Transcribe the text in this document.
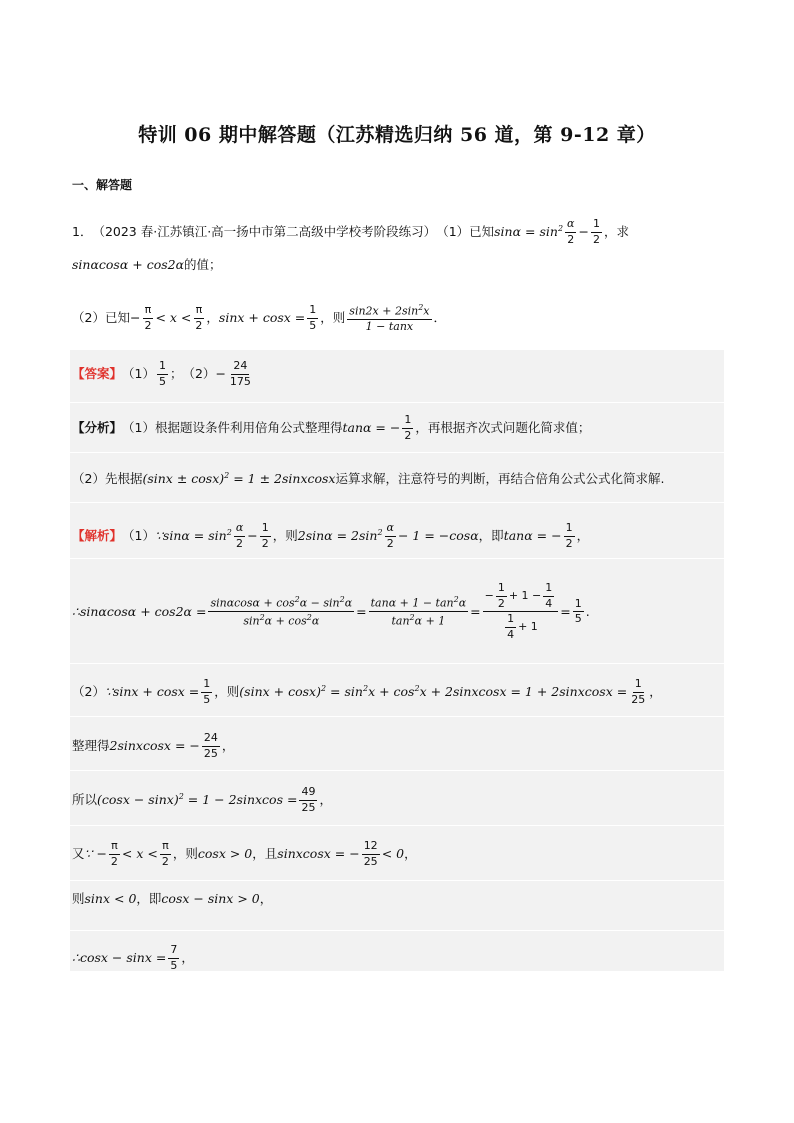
特训 06 期中解答题（江苏精选归纳 56 道，第 9-12 章）
一、解答题
1． （2023 春·江苏镇江·高一扬中市第二高级中学校考阶段练习） （1）已知 $\sin\alpha = \sin^2 \frac{\alpha}{2} - \frac{1}{2}$ ，求
sinαcosα + cos2α 的值；
（2）已知 − $\frac{\pi}{2} < x < \frac{\pi}{2}$ ， $\sin x + \cos x = \frac{1}{5}$ ，则 $\frac{\sin 2x + 2\sin^2x}{1 - \tan x}$ ．
【答案】 $(1) \frac{1}{5}$ ； $(2) - \frac{24}{175}$
【分析】 （1）根据题设条件利用倍角公式整理得 tanα = − $\frac{1}{2}$ ，再根据齐次式问题化简求值；
（2）先根据 $(\sin x \pm \cos x)^2 = 1$ ± 2sinxcosx 运算求解，注意符号的判断，再结合倍角公式公式化简求解.
【解析】 （1） ∵sinα = $\sin^2 \frac{\alpha}{2} - \frac{1}{2}$ ，则 $2\sin\alpha = 2\sin^2 \frac{\alpha}{2} - 1 = -\cos\alpha$ ，即 tanα = − $\frac{1}{2}$ ，
∴sinαcosα + $\cos 2\alpha = \frac{\sin\alpha\cos\alpha + \cos^2\alpha - \sin^2\alpha}{\sin^2\alpha + \cos^2\alpha} = \frac{\tan\alpha + 1 - \tan^2\alpha}{\tan^2\alpha + 1} = \frac{- \frac{1}{2} + 1 - \frac{1}{4}}{\frac{1}{4} + 1} = \frac{1}{5}$ .
（2） ∵sinx + $\cos x = \frac{1}{5}$ ，则 $(\sin x + \cos x)^2 = \sin^2x + \cos^2x$ + 2sinxcosx = 1 + 2sinxcosx = $\frac{1}{25}$ ，
整理得 2sinxcosx = − $\frac{24}{25}$ ，
所以 $(\cos x - \sin x)^2 = 1$ − 2sinxcos = $\frac{49}{25}$ ，
又 ∵ − $\frac{\pi}{2} < x < \frac{\pi}{2}$ ，则 cosx > 0 ，且 sinxcosx = − $\frac{12}{25} < 0$ ，
则 sinx < 0 ，即 cosx − sinx > 0 ，
∴cosx − $\sin x = \frac{7}{5}$ ，
